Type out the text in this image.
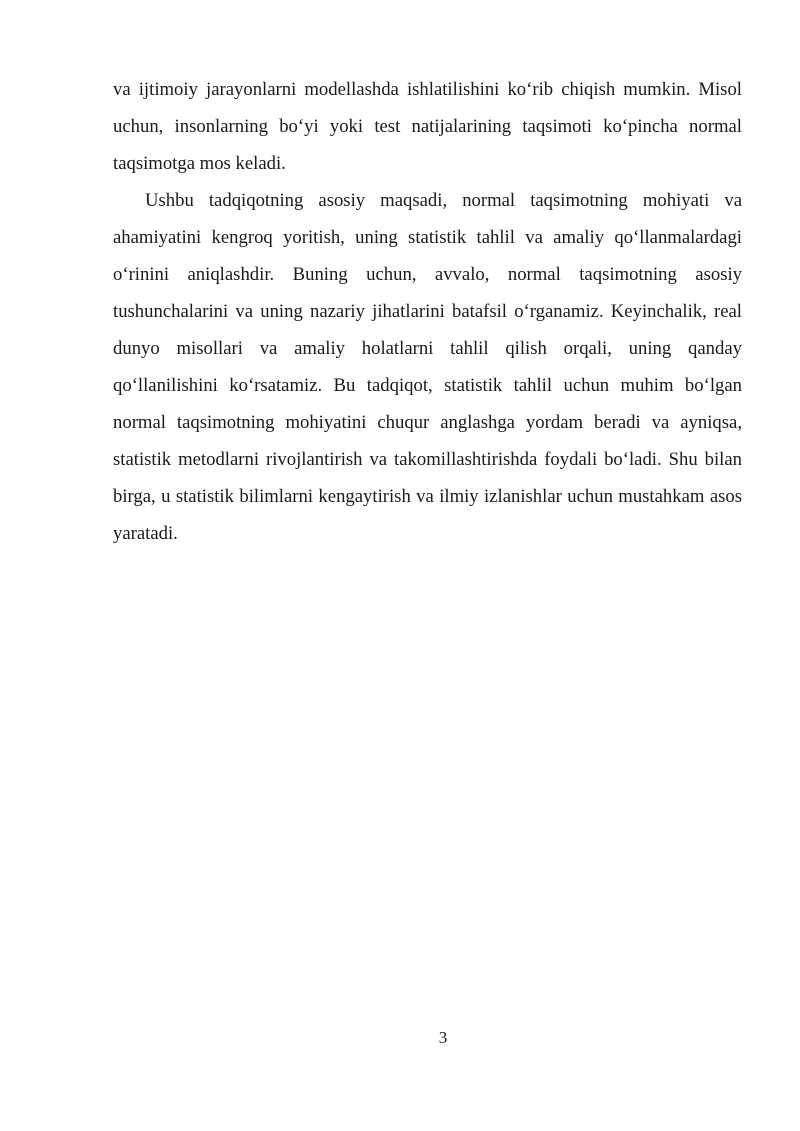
va ijtimoiy jarayonlarni modellashda ishlatilishini ko‘rib chiqish mumkin. Misol uchun, insonlarning bo‘yi yoki test natijalarining taqsimoti ko‘pincha normal taqsimotga mos keladi.

Ushbu tadqiqotning asosiy maqsadi, normal taqsimotning mohiyati va ahamiyatini kengroq yoritish, uning statistik tahlil va amaliy qo‘llanmalardagi o‘rinini aniqlashdir. Buning uchun, avvalo, normal taqsimotning asosiy tushunchalarini va uning nazariy jihatlarini batafsil o‘rganamiz. Keyinchalik, real dunyo misollari va amaliy holatlarni tahlil qilish orqali, uning qanday qo‘llanilishini ko‘rsatamiz. Bu tadqiqot, statistik tahlil uchun muhim bo‘lgan normal taqsimotning mohiyatini chuqur anglashga yordam beradi va ayniqsa, statistik metodlarni rivojlantirish va takomillashtirishda foydali bo‘ladi. Shu bilan birga, u statistik bilimlarni kengaytirish va ilmiy izlanishlar uchun mustahkam asos yaratadi.

3
